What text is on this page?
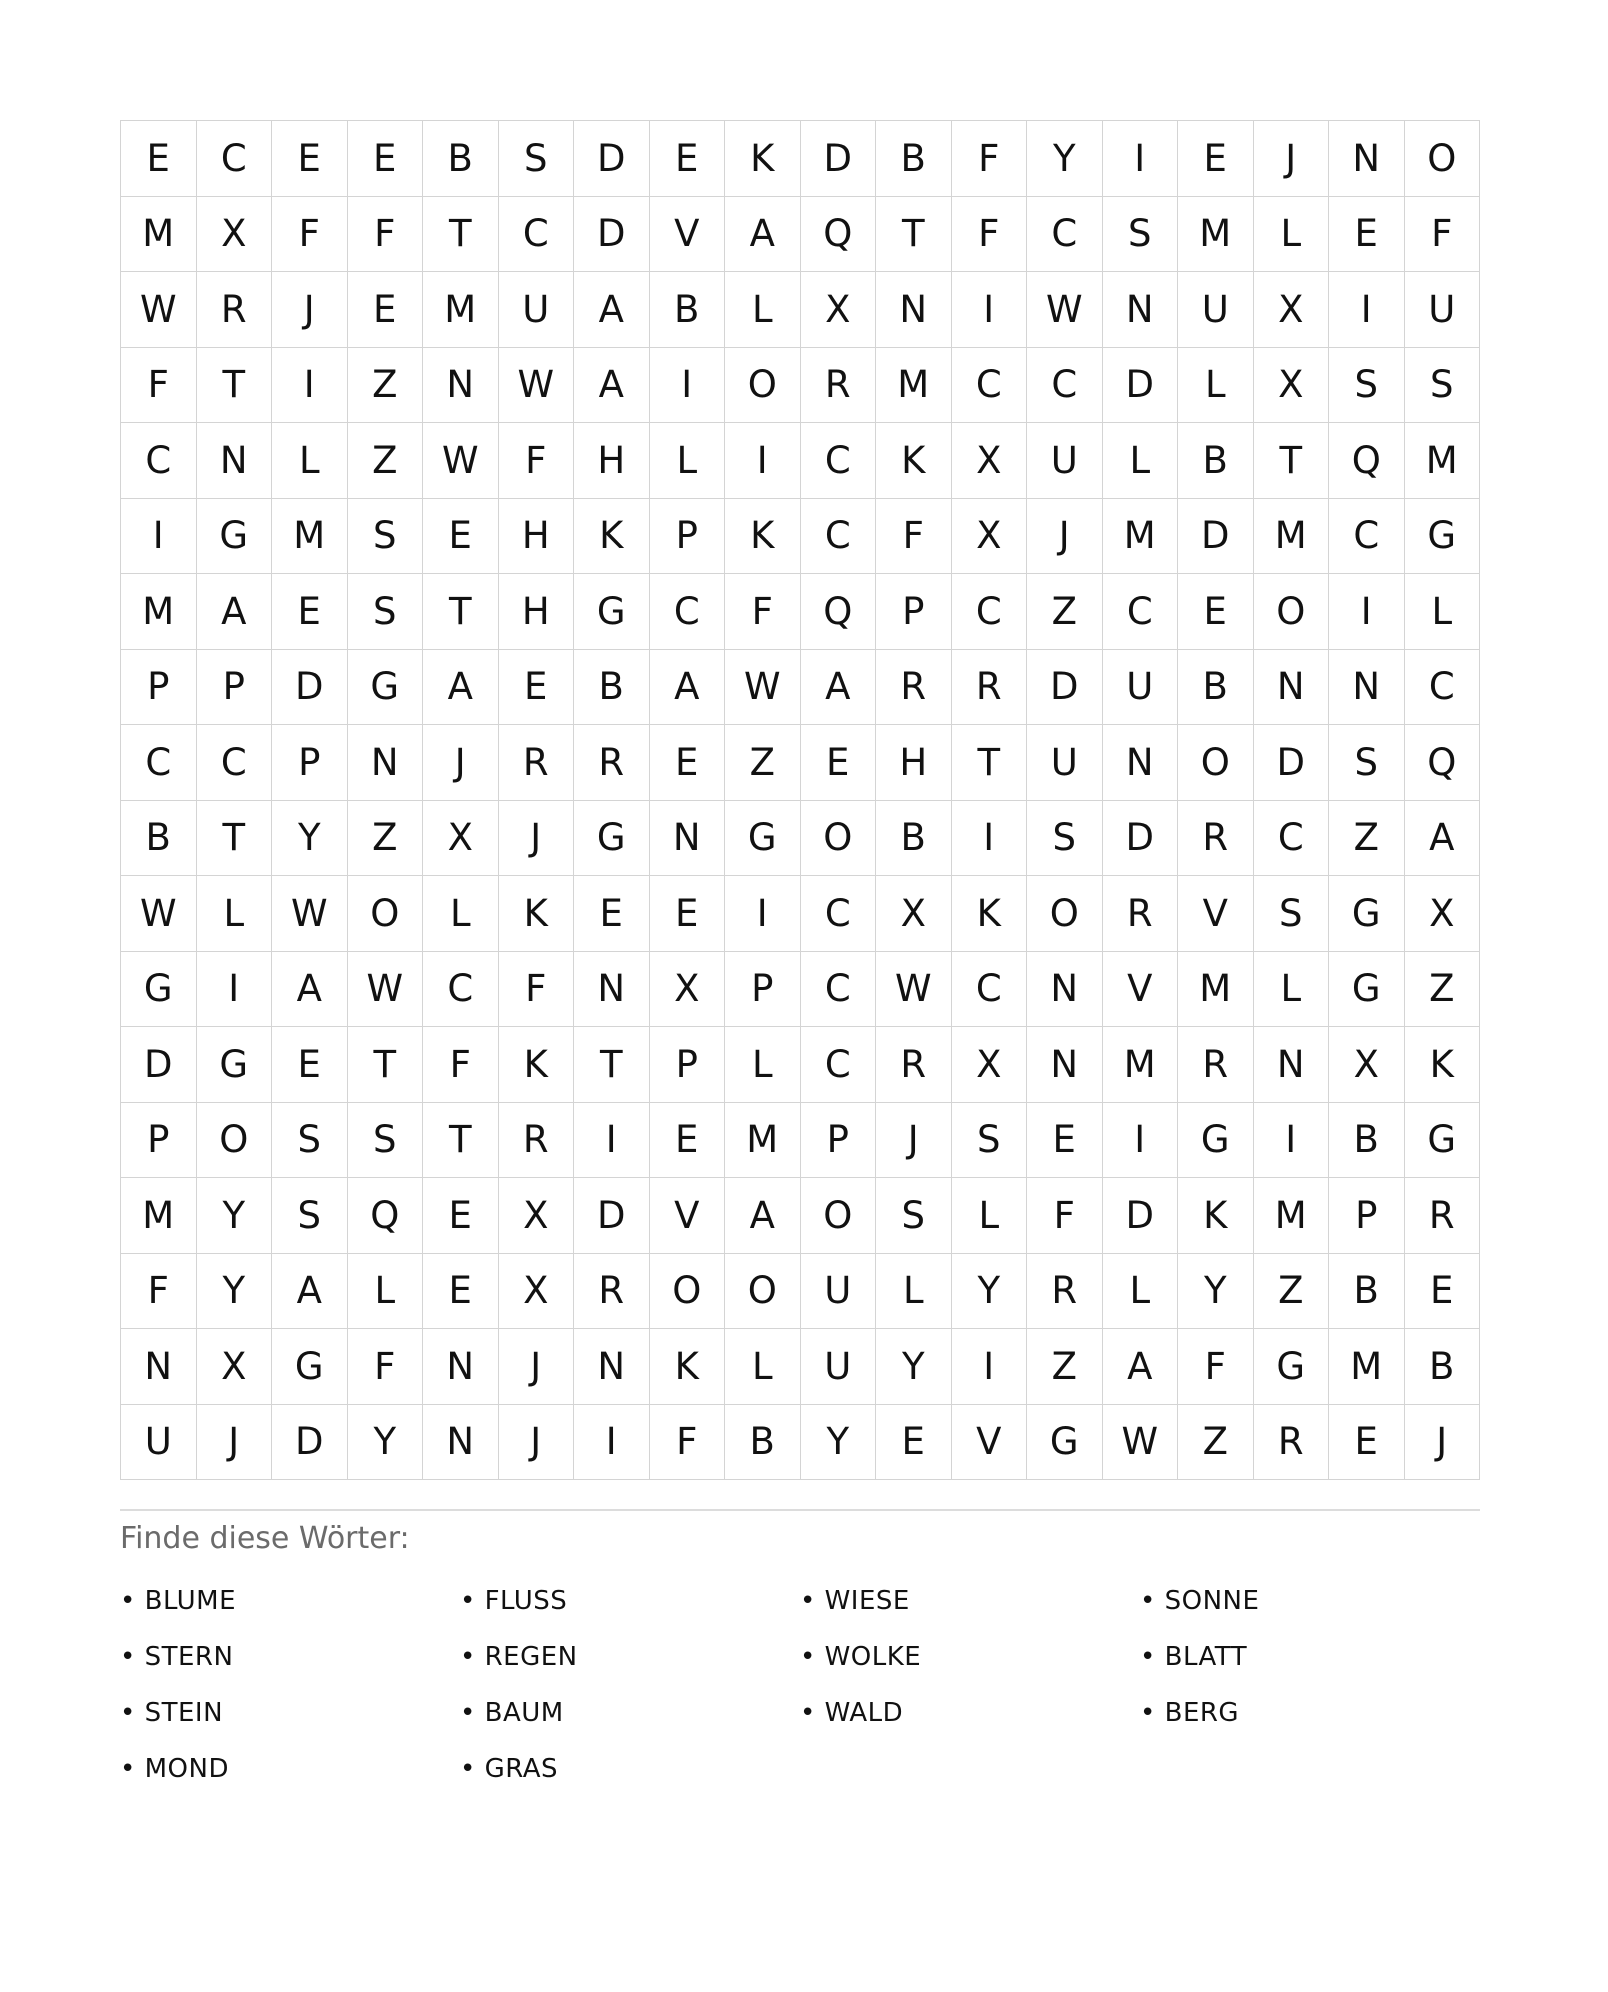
E	C	E	E	B	S	D	E	K	D	B	F	Y	I	E	J	N	O
M	X	F	F	T	C	D	V	A	Q	T	F	C	S	M	L	E	F
W	R	J	E	M	U	A	B	L	X	N	I	W	N	U	X	I	U
F	T	I	Z	N	W	A	I	O	R	M	C	C	D	L	X	S	S
C	N	L	Z	W	F	H	L	I	C	K	X	U	L	B	T	Q	M
I	G	M	S	E	H	K	P	K	C	F	X	J	M	D	M	C	G
M	A	E	S	T	H	G	C	F	Q	P	C	Z	C	E	O	I	L
P	P	D	G	A	E	B	A	W	A	R	R	D	U	B	N	N	C
C	C	P	N	J	R	R	E	Z	E	H	T	U	N	O	D	S	Q
B	T	Y	Z	X	J	G	N	G	O	B	I	S	D	R	C	Z	A
W	L	W	O	L	K	E	E	I	C	X	K	O	R	V	S	G	X
G	I	A	W	C	F	N	X	P	C	W	C	N	V	M	L	G	Z
D	G	E	T	F	K	T	P	L	C	R	X	N	M	R	N	X	K
P	O	S	S	T	R	I	E	M	P	J	S	E	I	G	I	B	G
M	Y	S	Q	E	X	D	V	A	O	S	L	F	D	K	M	P	R
F	Y	A	L	E	X	R	O	O	U	L	Y	R	L	Y	Z	B	E
N	X	G	F	N	J	N	K	L	U	Y	I	Z	A	F	G	M	B
U	J	D	Y	N	J	I	F	B	Y	E	V	G	W	Z	R	E	J
Finde diese Wörter:
• BLUME	• FLUSS	• WIESE	• SONNE
• STERN	• REGEN	• WOLKE	• BLATT
• STEIN	• BAUM	• WALD	• BERG
• MOND	• GRAS
